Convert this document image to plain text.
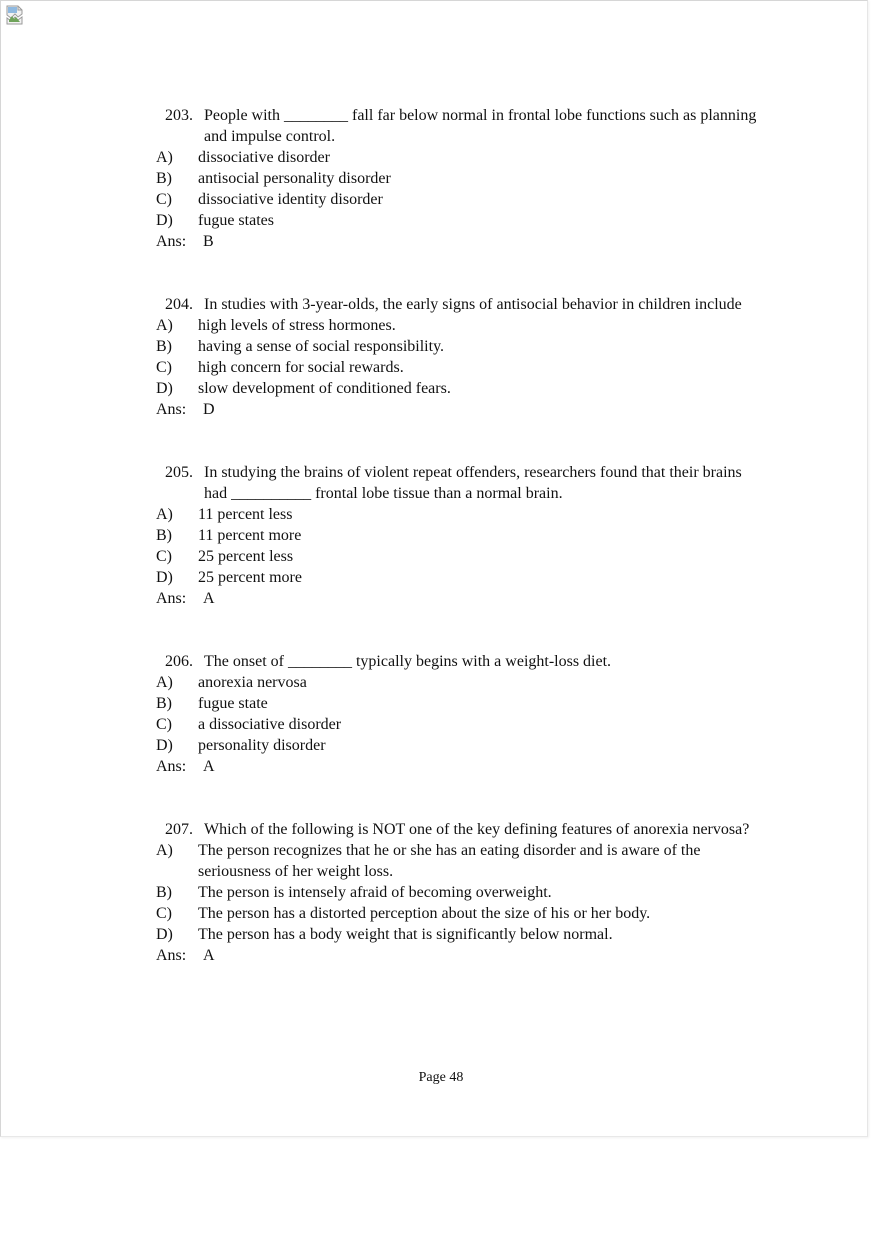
203. People with ________ fall far below normal in frontal lobe functions such as planning and impulse control.
A)	dissociative disorder
B)	antisocial personality disorder
C)	dissociative identity disorder
D)	fugue states
Ans:	B
204. In studies with 3-year-olds, the early signs of antisocial behavior in children include
A)	high levels of stress hormones.
B)	having a sense of social responsibility.
C)	high concern for social rewards.
D)	slow development of conditioned fears.
Ans:	D
205. In studying the brains of violent repeat offenders, researchers found that their brains had __________ frontal lobe tissue than a normal brain.
A)	11 percent less
B)	11 percent more
C)	25 percent less
D)	25 percent more
Ans:	A
206. The onset of ________ typically begins with a weight-loss diet.
A)	anorexia nervosa
B)	fugue state
C)	a dissociative disorder
D)	personality disorder
Ans:	A
207. Which of the following is NOT one of the key defining features of anorexia nervosa?
A)	The person recognizes that he or she has an eating disorder and is aware of the seriousness of her weight loss.
B)	The person is intensely afraid of becoming overweight.
C)	The person has a distorted perception about the size of his or her body.
D)	The person has a body weight that is significantly below normal.
Ans:	A
Page 48
